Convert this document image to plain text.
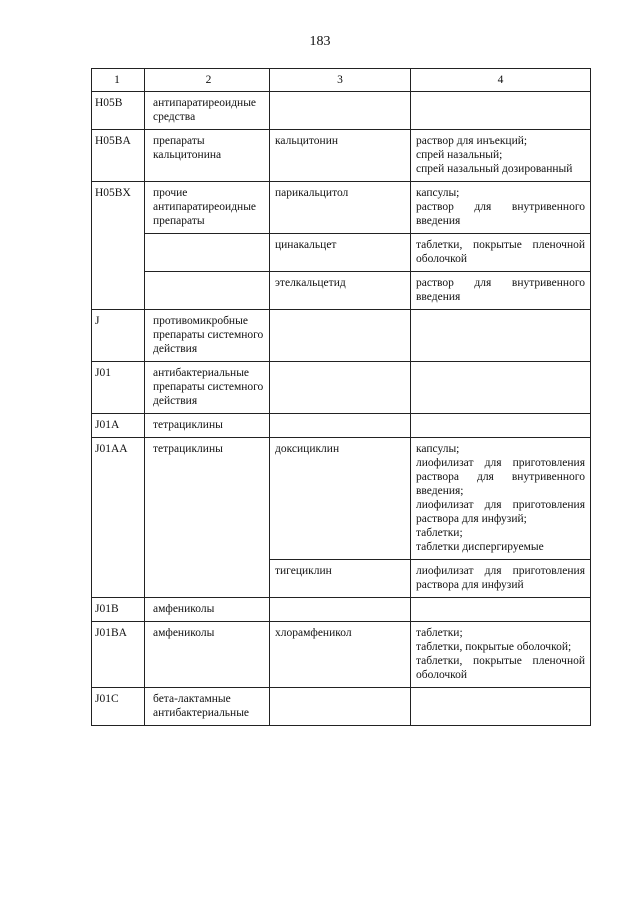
183
1	2	3	4
H05B	антипаратиреоидные средства		
H05BA	препараты кальцитонина	кальцитонин	раствор для инъекций;
спрей назальный;
спрей назальный дозированный

H05BX	прочие антипаратиреоидные препараты	парикальцитол	капсулы;
раствор для внутривенного введения

		цинакальцет	таблетки, покрытые пленочной оболочкой

		этелкальцетид	раствор для внутривенного введения

J	противомикробные препараты системного действия		
J01	антибактериальные препараты системного действия		
J01A	тетрациклины		
J01AA	тетрациклины	доксициклин	капсулы;
лиофилизат для приготовления раствора для внутривенного введения;
лиофилизат для приготовления раствора для инфузий;
таблетки;
таблетки диспергируемые

		тигециклин	лиофилизат для приготовления раствора для инфузий

J01B	амфениколы		
J01BA	амфениколы	хлорамфеникол	таблетки;
таблетки, покрытые оболочкой;
таблетки, покрытые пленочной оболочкой

J01C	бета-лактамные антибактериальные		
